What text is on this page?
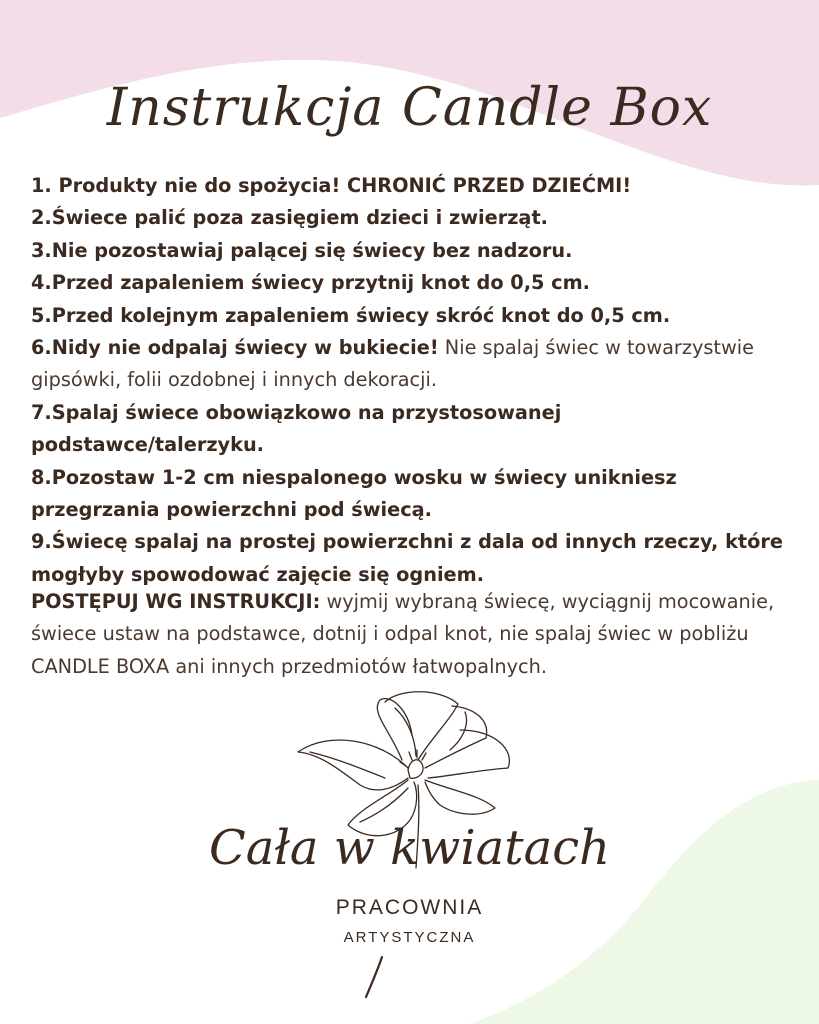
Instrukcja Candle Box
1. Produkty nie do spożycia! CHRONIĆ PRZED DZIEĆMI!
2.Świece palić poza zasięgiem dzieci i zwierząt.
3.Nie pozostawiaj palącej się świecy bez nadzoru.
4.Przed zapaleniem świecy przytnij knot do 0,5 cm.
5.Przed kolejnym zapaleniem świecy skróć knot do 0,5 cm.
6.Nidy nie odpalaj świecy w bukiecie! Nie spalaj świec w towarzystwie gipsówki, folii ozdobnej i innych dekoracji.
7.Spalaj świece obowiązkowo na przystosowanej podstawce/talerzyku.
8.Pozostaw 1-2 cm niespalonego wosku w świecy unikniesz przegrzania powierzchni pod świecą.
9.Świecę spalaj na prostej powierzchni z dala od innych rzeczy, które mogłyby spowodować zajęcie się ogniem.

POSTĘPUJ WG INSTRUKCJI: wyjmij wybraną świecę, wyciągnij mocowanie, świece ustaw na podstawce, dotnij i odpal knot, nie spalaj świec w pobliżu CANDLE BOXA ani innych przedmiotów łatwopalnych.

Cała w kwiatach
PRACOWNIA
ARTYSTYCZNA
